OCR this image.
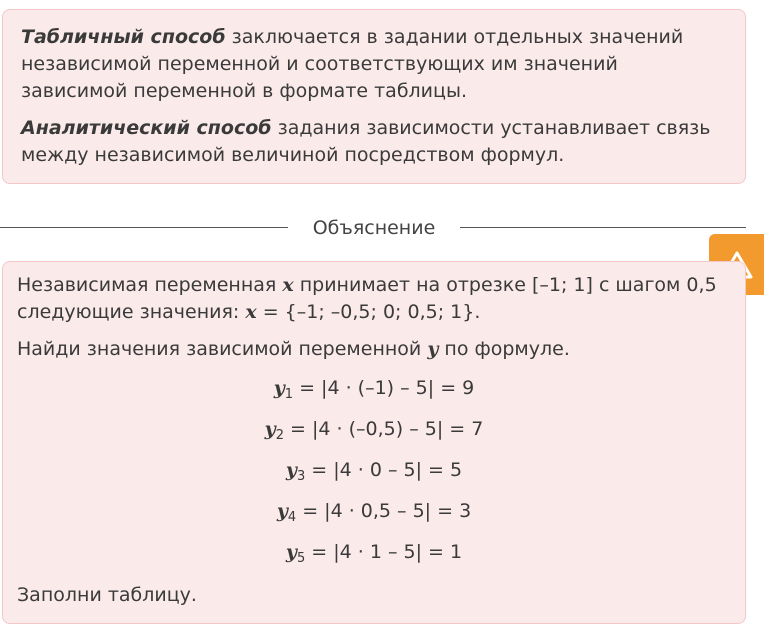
Табличный способ заключается в задании отдельных значений независимой переменной и соответствующих им значений зависимой переменной в формате таблицы.

Аналитический способ задания зависимости устанавливает связь между независимой величиной посредством формул.

Объяснение

Независимая переменная x принимает на отрезке [–1; 1] с шагом 0,5 следующие значения: x = {–1; –0,5; 0; 0,5; 1}.

Найди значения зависимой переменной y по формуле.

$y_1 = |4 \cdot (-1) - 5| = 9$
$y_2 = |4 \cdot (-0,5) - 5| = 7$
$y_3 = |4 \cdot 0 - 5| = 5$
$y_4 = |4 \cdot 0,5 - 5| = 3$
$y_5 = |4 \cdot 1 - 5| = 1$

Заполни таблицу.
